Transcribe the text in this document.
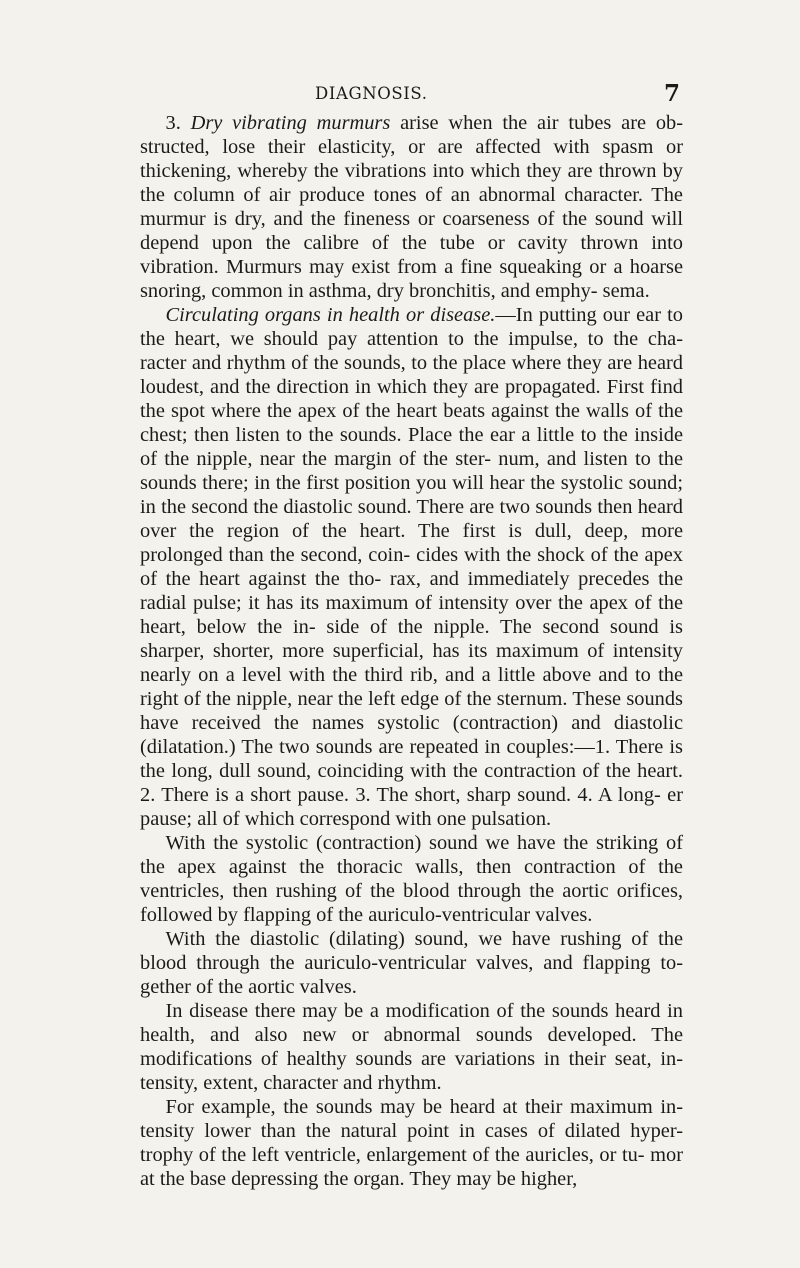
DIAGNOSIS.	7

3. Dry vibrating murmurs arise when the air tubes are ob- structed, lose their elasticity, or are affected with spasm or thickening, whereby the vibrations into which they are thrown by the column of air produce tones of an abnormal character. The murmur is dry, and the fineness or coarseness of the sound will depend upon the calibre of the tube or cavity thrown into vibration. Murmurs may exist from a fine squeaking or a hoarse snoring, common in asthma, dry bronchitis, and emphy- sema.

Circulating organs in health or disease.—In putting our ear to the heart, we should pay attention to the impulse, to the cha- racter and rhythm of the sounds, to the place where they are heard loudest, and the direction in which they are propagated. First find the spot where the apex of the heart beats against the walls of the chest; then listen to the sounds. Place the ear a little to the inside of the nipple, near the margin of the ster- num, and listen to the sounds there; in the first position you will hear the systolic sound; in the second the diastolic sound. There are two sounds then heard over the region of the heart. The first is dull, deep, more prolonged than the second, coin- cides with the shock of the apex of the heart against the tho- rax, and immediately precedes the radial pulse; it has its maximum of intensity over the apex of the heart, below the in- side of the nipple. The second sound is sharper, shorter, more superficial, has its maximum of intensity nearly on a level with the third rib, and a little above and to the right of the nipple, near the left edge of the sternum. These sounds have received the names systolic (contraction) and diastolic (dilatation.) The two sounds are repeated in couples:—1. There is the long, dull sound, coinciding with the contraction of the heart. 2. There is a short pause. 3. The short, sharp sound. 4. A long- er pause; all of which correspond with one pulsation.

With the systolic (contraction) sound we have the striking of the apex against the thoracic walls, then contraction of the ventricles, then rushing of the blood through the aortic orifices, followed by flapping of the auriculo-ventricular valves.

With the diastolic (dilating) sound, we have rushing of the blood through the auriculo-ventricular valves, and flapping to- gether of the aortic valves.

In disease there may be a modification of the sounds heard in health, and also new or abnormal sounds developed. The modifications of healthy sounds are variations in their seat, in- tensity, extent, character and rhythm.

For example, the sounds may be heard at their maximum in- tensity lower than the natural point in cases of dilated hyper- trophy of the left ventricle, enlargement of the auricles, or tu- mor at the base depressing the organ. They may be higher,
